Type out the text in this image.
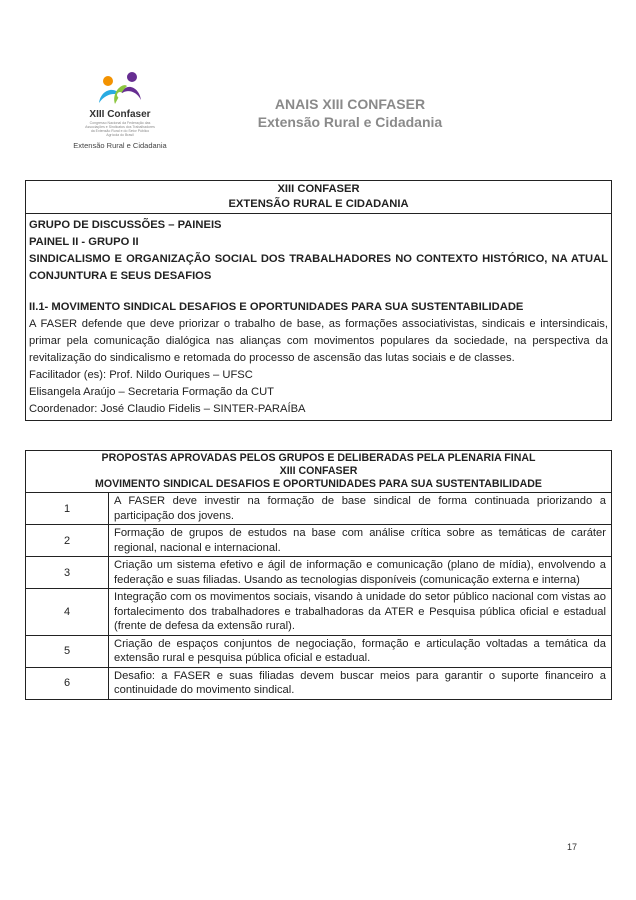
XIII Confaser
Congresso Nacional da Federação das Associações e Sindicatos dos Trabalhadores da Extensão Rural e do Setor Público Agrícola do Brasil
Extensão Rural e Cidadania
ANAIS XIII CONFASER
Extensão Rural e Cidadania
XIII CONFASER
EXTENSÃO RURAL E CIDADANIA

GRUPO DE DISCUSSÕES – PAINEIS
PAINEL II - GRUPO II
SINDICALISMO E ORGANIZAÇÃO SOCIAL DOS TRABALHADORES NO CONTEXTO HISTÓRICO, NA ATUAL CONJUNTURA E SEUS DESAFIOS
II.1- MOVIMENTO SINDICAL DESAFIOS E OPORTUNIDADES PARA SUA SUSTENTABILIDADE
A FASER defende que deve priorizar o trabalho de base, as formações associativistas, sindicais e intersindicais, primar pela comunicação dialógica nas alianças com movimentos populares da sociedade, na perspectiva da revitalização do sindicalismo e retomada do processo de ascensão das lutas sociais e de classes.
Facilitador (es): Prof. Nildo Ouriques – UFSC
Elisangela Araújo – Secretaria Formação da CUT
Coordenador: José Claudio Fidelis – SINTER-PARAÍBA
PROPOSTAS APROVADAS PELOS GRUPOS E DELIBERADAS PELA PLENARIA FINAL
XIII CONFASER
MOVIMENTO SINDICAL DESAFIOS E OPORTUNIDADES PARA SUA SUSTENTABILIDADE	

1	A FASER deve investir na formação de base sindical de forma continuada priorizando a participação dos jovens.
2	Formação de grupos de estudos na base com análise crítica sobre as temáticas de caráter regional, nacional e internacional.
3	Criação um sistema efetivo e ágil de informação e comunicação (plano de mídia), envolvendo a federação e suas filiadas. Usando as tecnologias disponíveis (comunicação externa e interna)
4	Integração com os movimentos sociais, visando à unidade do setor público nacional com vistas ao fortalecimento dos trabalhadores e trabalhadoras da ATER e Pesquisa pública oficial e estadual (frente de defesa da extensão rural).
5	Criação de espaços conjuntos de negociação, formação e articulação voltadas a temática da extensão rural e pesquisa pública oficial e estadual.
6	Desafio: a FASER e suas filiadas devem buscar meios para garantir o suporte financeiro a continuidade do movimento sindical.
17
